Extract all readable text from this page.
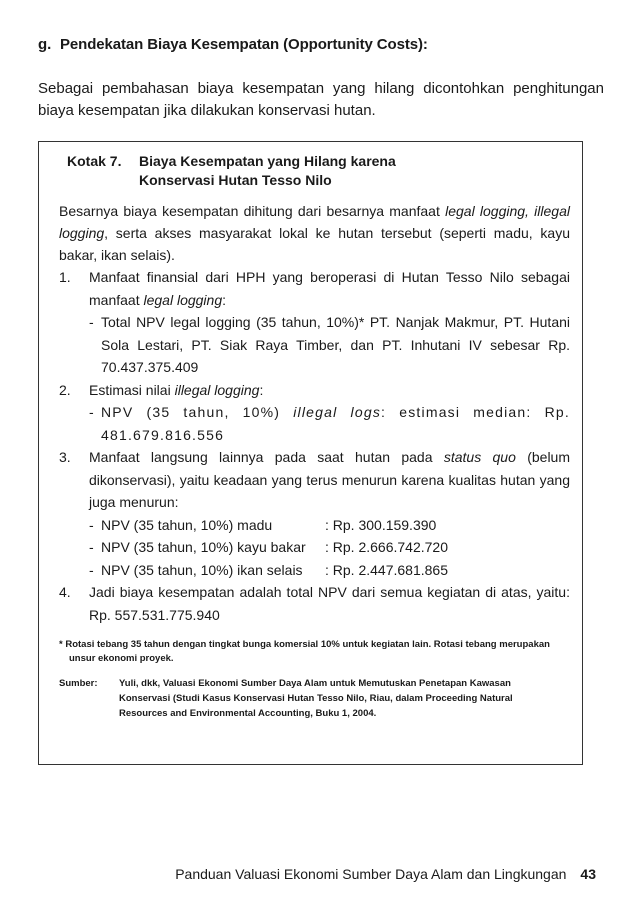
g. Pendekatan Biaya Kesempatan (Opportunity Costs):
Sebagai pembahasan biaya kesempatan yang hilang dicontohkan penghitungan biaya kesempatan jika dilakukan konservasi hutan.
Kotak 7.	Biaya Kesempatan yang Hilang karena Konservasi Hutan Tesso Nilo
Besarnya biaya kesempatan dihitung dari besarnya manfaat legal logging, illegal logging, serta akses masyarakat lokal ke hutan tersebut (seperti madu, kayu bakar, ikan selais).
1.	Manfaat finansial dari HPH yang beroperasi di Hutan Tesso Nilo sebagai manfaat legal logging:
- Total NPV legal logging (35 tahun, 10%)* PT. Nanjak Makmur, PT. Hutani Sola Lestari, PT. Siak Raya Timber, dan PT. Inhutani IV sebesar Rp. 70.437.375.409
2.	Estimasi nilai illegal logging:
- NPV (35 tahun, 10%) illegal logs: estimasi median: Rp. 481.679.816.556
3.	Manfaat langsung lainnya pada saat hutan pada status quo (belum dikonservasi), yaitu keadaan yang terus menurun karena kualitas hutan yang juga menurun:
- NPV (35 tahun, 10%) madu	: Rp. 300.159.390
- NPV (35 tahun, 10%) kayu bakar	: Rp. 2.666.742.720
- NPV (35 tahun, 10%) ikan selais	: Rp. 2.447.681.865
4.	Jadi biaya kesempatan adalah total NPV dari semua kegiatan di atas, yaitu: Rp. 557.531.775.940
* Rotasi tebang 35 tahun dengan tingkat bunga komersial 10% untuk kegiatan lain. Rotasi tebang merupakan unsur ekonomi proyek.
Sumber:	Yuli, dkk, Valuasi Ekonomi Sumber Daya Alam untuk Memutuskan Penetapan Kawasan Konservasi (Studi Kasus Konservasi Hutan Tesso Nilo, Riau, dalam Proceeding Natural Resources and Environmental Accounting, Buku 1, 2004.
Panduan Valuasi Ekonomi Sumber Daya Alam dan Lingkungan 43
